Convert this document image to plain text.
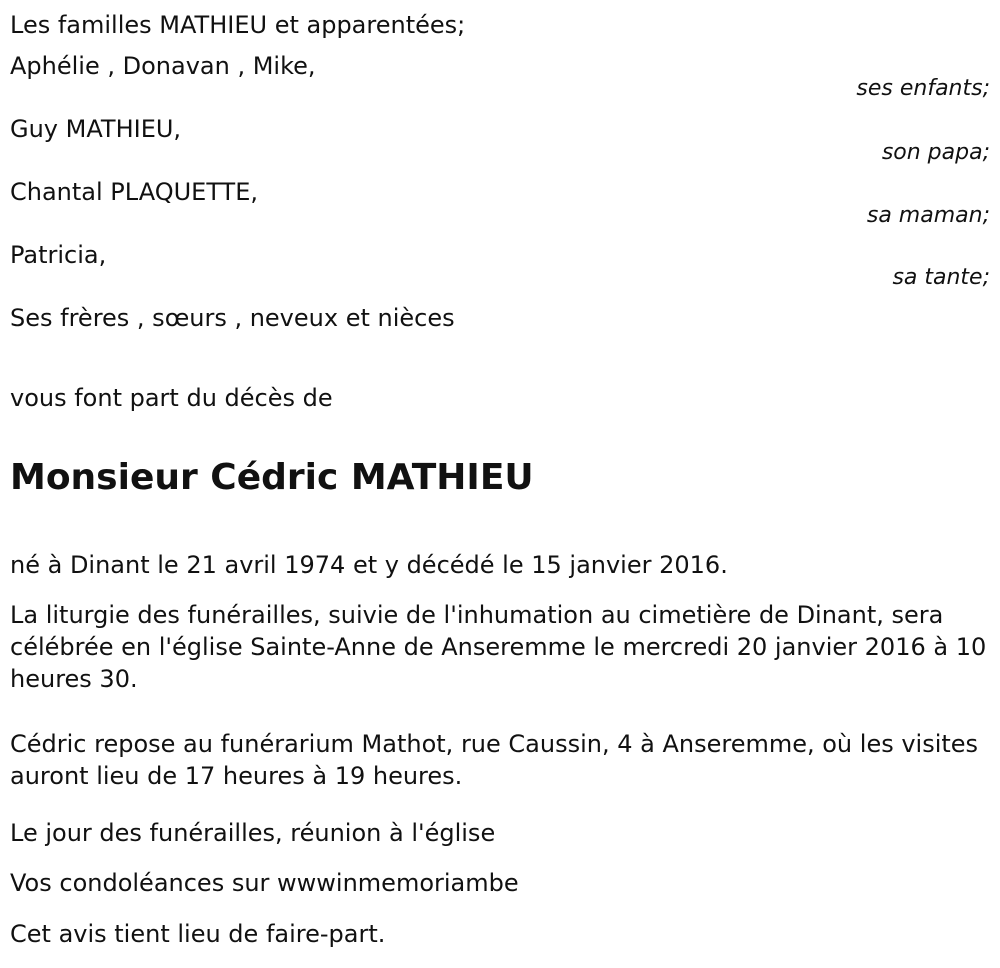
Les familles MATHIEU et apparentées;
Aphélie , Donavan , Mike,
ses enfants;
Guy MATHIEU,
son papa;
Chantal PLAQUETTE,
sa maman;
Patricia,
sa tante;
Ses frères , sœurs , neveux et nièces
vous font part du décès de
Monsieur Cédric MATHIEU
né à Dinant le 21 avril 1974 et y décédé le 15 janvier 2016.
La liturgie des funérailles, suivie de l'inhumation au cimetière de Dinant, sera célébrée en l'église Sainte-Anne de Anseremme le mercredi 20 janvier 2016 à 10 heures 30.
Cédric repose au funérarium Mathot, rue Caussin, 4 à Anseremme, où les visites auront lieu de 17 heures à 19 heures.
Le jour des funérailles, réunion à l'église
Vos condoléances sur wwwinmemoriambe
Cet avis tient lieu de faire-part.
